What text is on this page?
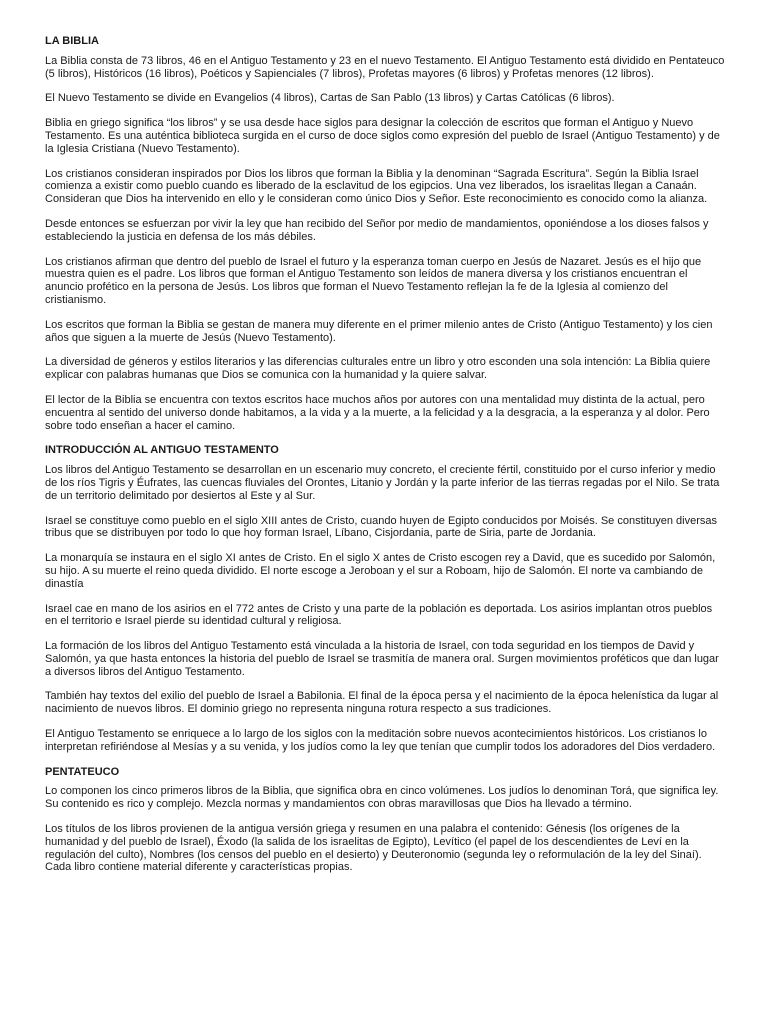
LA BIBLIA

La Biblia consta de 73 libros, 46 en el Antiguo Testamento y 23 en el nuevo Testamento. El Antiguo Testamento está dividido en Pentateuco (5 libros), Históricos (16 libros), Poéticos y Sapienciales (7 libros), Profetas mayores (6 libros) y Profetas menores (12 libros).

El Nuevo Testamento se divide en Evangelios (4 libros), Cartas de San Pablo (13 libros) y Cartas Católicas (6 libros).

Biblia en griego significa “los libros” y se usa desde hace siglos para designar la colección de escritos que forman el Antiguo y Nuevo Testamento. Es una auténtica biblioteca surgida en el curso de doce siglos como expresión del pueblo de Israel (Antiguo Testamento) y de la Iglesia Cristiana (Nuevo Testamento).

Los cristianos consideran inspirados por Dios los libros que forman la Biblia y la denominan “Sagrada Escritura”. Según la Biblia Israel comienza a existir como pueblo cuando es liberado de la esclavitud de los egipcios. Una vez liberados, los israelitas llegan a Canaán. Consideran que Dios ha intervenido en ello y le consideran como único Dios y Señor. Este reconocimiento es conocido como la alianza.

Desde entonces se esfuerzan por vivir la ley que han recibido del Señor por medio de mandamientos, oponiéndose a los dioses falsos y estableciendo la justicia en defensa de los más débiles.

Los cristianos afirman que dentro del pueblo de Israel el futuro y la esperanza toman cuerpo en Jesús de Nazaret. Jesús es el hijo que muestra quien es el padre. Los libros que forman el Antiguo Testamento son leídos de manera diversa y los cristianos encuentran el anuncio profético en la persona de Jesús. Los libros que forman el Nuevo Testamento reflejan la fe de la Iglesia al comienzo del cristianismo.

Los escritos que forman la Biblia se gestan de manera muy diferente en el primer milenio antes de Cristo (Antiguo Testamento) y los cien años que siguen a la muerte de Jesús (Nuevo Testamento).

La diversidad de géneros y estilos literarios y las diferencias culturales entre un libro y otro esconden una sola intención: La Biblia quiere explicar con palabras humanas que Dios se comunica con la humanidad y la quiere salvar.

El lector de la Biblia se encuentra con textos escritos hace muchos años por autores con una mentalidad muy distinta de la actual, pero encuentra al sentido del universo donde habitamos, a la vida y a la muerte, a la felicidad y a la desgracia, a la esperanza y al dolor. Pero sobre todo enseñan a hacer el camino.

INTRODUCCIÓN AL ANTIGUO TESTAMENTO

Los libros del Antiguo Testamento se desarrollan en un escenario muy concreto, el creciente fértil, constituido por el curso inferior y medio de los ríos Tigris y Éufrates, las cuencas fluviales del Orontes, Litanio y Jordán y la parte inferior de las tierras regadas por el Nilo. Se trata de un territorio delimitado por desiertos al Este y al Sur.

Israel se constituye como pueblo en el siglo XIII antes de Cristo, cuando huyen de Egipto conducidos por Moisés. Se constituyen diversas tribus que se distribuyen por todo lo que hoy forman Israel, Líbano, Cisjordania, parte de Siria, parte de Jordania.

La monarquía se instaura en el siglo XI antes de Cristo. En el siglo X antes de Cristo escogen rey a David, que es sucedido por Salomón, su hijo. A su muerte el reino queda dividido. El norte escoge a Jeroboan y el sur a Roboam, hijo de Salomón. El norte va cambiando de dinastía

Israel cae en mano de los asirios en el 772 antes de Cristo y una parte de la población es deportada. Los asirios implantan otros pueblos en el territorio e Israel pierde su identidad cultural y religiosa.

La formación de los libros del Antiguo Testamento está vinculada a la historia de Israel, con toda seguridad en los tiempos de David y Salomón, ya que hasta entonces la historia del pueblo de Israel se trasmitía de manera oral. Surgen movimientos proféticos que dan lugar a diversos libros del Antiguo Testamento.

También hay textos del exilio del pueblo de Israel a Babilonia. El final de la época persa y el nacimiento de la época helenística da lugar al nacimiento de nuevos libros. El dominio griego no representa ninguna rotura respecto a sus tradiciones.

El Antiguo Testamento se enriquece a lo largo de los siglos con la meditación sobre nuevos acontecimientos históricos. Los cristianos lo interpretan refiriéndose al Mesías y a su venida, y los judíos como la ley que tenían que cumplir todos los adoradores del Dios verdadero.

PENTATEUCO

Lo componen los cinco primeros libros de la Biblia, que significa obra en cinco volúmenes. Los judíos lo denominan Torá, que significa ley. Su contenido es rico y complejo. Mezcla normas y mandamientos con obras maravillosas que Dios ha llevado a término.

Los títulos de los libros provienen de la antigua versión griega y resumen en una palabra el contenido: Génesis (los orígenes de la humanidad y del pueblo de Israel), Éxodo (la salida de los israelitas de Egipto), Levítico (el papel de los descendientes de Leví en la regulación del culto), Nombres (los censos del pueblo en el desierto) y Deuteronomio (segunda ley o reformulación de la ley del Sinaí). Cada libro contiene material diferente y características propias.
